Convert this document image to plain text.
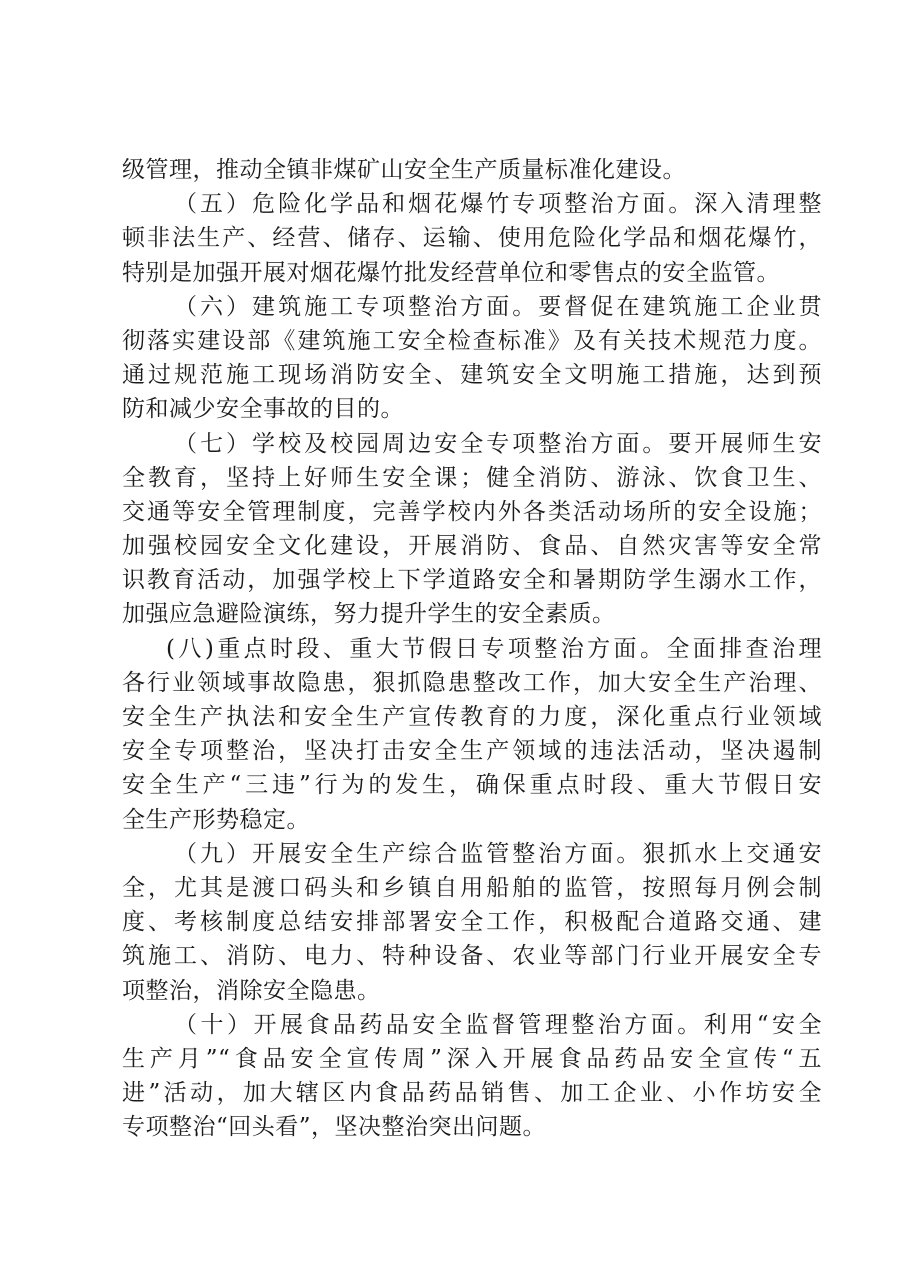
级管理，推动全镇非煤矿山安全生产质量标准化建设。
（五）危险化学品和烟花爆竹专项整治方面。深入清理整
顿非法生产、经营、储存、运输、使用危险化学品和烟花爆竹，
特别是加强开展对烟花爆竹批发经营单位和零售点的安全监管。
（六）建筑施工专项整治方面。要督促在建筑施工企业贯
彻落实建设部《建筑施工安全检查标准》及有关技术规范力度。
通过规范施工现场消防安全、建筑安全文明施工措施，达到预
防和减少安全事故的目的。
（七）学校及校园周边安全专项整治方面。要开展师生安
全教育，坚持上好师生安全课；健全消防、游泳、饮食卫生、
交通等安全管理制度，完善学校内外各类活动场所的安全设施；
加强校园安全文化建设，开展消防、食品、自然灾害等安全常
识教育活动，加强学校上下学道路安全和暑期防学生溺水工作，
加强应急避险演练，努力提升学生的安全素质。
(八)重点时段、重大节假日专项整治方面。全面排查治理
各行业领域事故隐患，狠抓隐患整改工作，加大安全生产治理、
安全生产执法和安全生产宣传教育的力度，深化重点行业领域
安全专项整治，坚决打击安全生产领域的违法活动，坚决遏制
安全生产“三违”行为的发生，确保重点时段、重大节假日安
全生产形势稳定。
（九）开展安全生产综合监管整治方面。狠抓水上交通安
全，尤其是渡口码头和乡镇自用船舶的监管，按照每月例会制
度、考核制度总结安排部署安全工作，积极配合道路交通、建
筑施工、消防、电力、特种设备、农业等部门行业开展安全专
项整治，消除安全隐患。
（十）开展食品药品安全监督管理整治方面。利用“安全
生产月”“食品安全宣传周”深入开展食品药品安全宣传“五
进”活动，加大辖区内食品药品销售、加工企业、小作坊安全
专项整治“回头看”，坚决整治突出问题。
